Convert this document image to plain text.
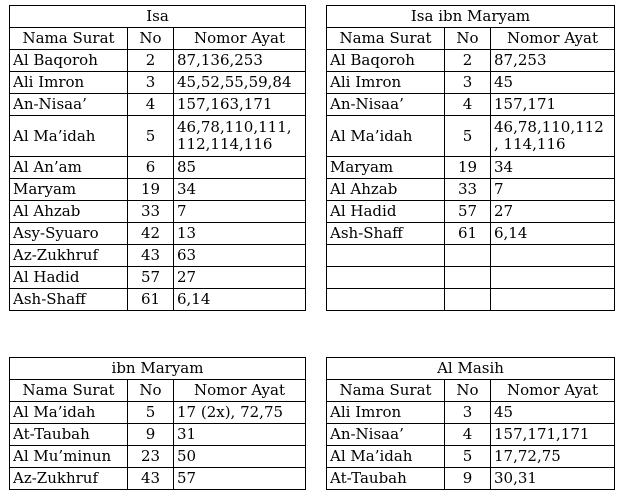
Isa		
Nama Surat	No	Nomor Ayat
Al Baqoroh	2	87,136,253
Ali Imron	3	45,52,55,59,84
An-Nisaa’	4	157,163,171
Al Ma’idah	5	46,78,110,111,
112,114,116
Al An’am	6	85
Maryam	19	34
Al Ahzab	33	7
Asy-Syuaro	42	13
Az-Zukhruf	43	63
Al Hadid	57	27
Ash-Shaff	61	6,14
Isa ibn Maryam		
Nama Surat	No	Nomor Ayat
Al Baqoroh	2	87,253
Ali Imron	3	45
An-Nisaa’	4	157,171
Al Ma’idah	5	46,78,110,112
, 114,116
Maryam	19	34
Al Ahzab	33	7
Al Hadid	57	27
Ash-Shaff	61	6,14

ibn Maryam		
Nama Surat	No	Nomor Ayat
Al Ma’idah	5	17 (2x), 72,75
At-Taubah	9	31
Al Mu’minun	23	50
Az-Zukhruf	43	57
Al Masih		
Nama Surat	No	Nomor Ayat
Ali Imron	3	45
An-Nisaa’	4	157,171,171
Al Ma’idah	5	17,72,75
At-Taubah	9	30,31
